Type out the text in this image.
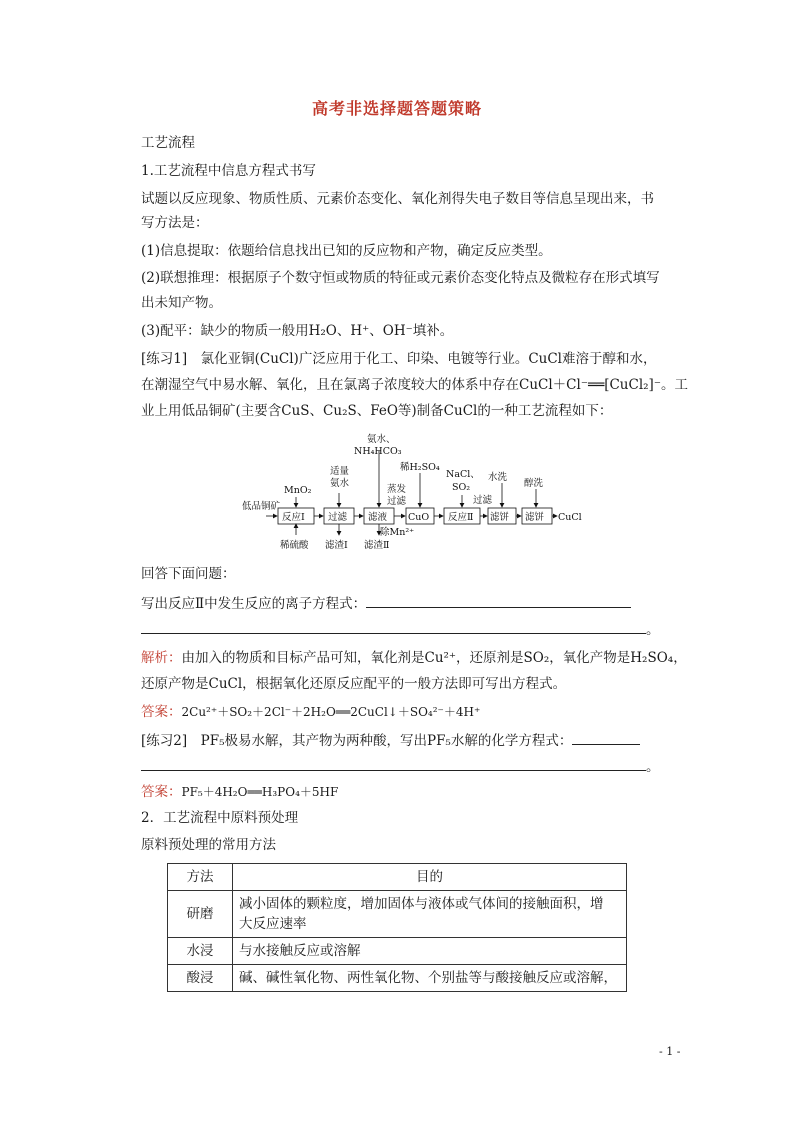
高考非选择题答题策略
工艺流程
1.工艺流程中信息方程式书写
试题以反应现象、物质性质、元素价态变化、氧化剂得失电子数目等信息呈现出来，书
写方法是：
(1)信息提取：依题给信息找出已知的反应物和产物，确定反应类型。
(2)联想推理：根据原子个数守恒或物质的特征或元素价态变化特点及微粒存在形式填写
出未知产物。
(3)配平：缺少的物质一般用H₂O、H⁺、OH⁻填补。
[练习1]　氯化亚铜(CuCl)广泛应用于化工、印染、电镀等行业。CuCl难溶于醇和水，
在潮湿空气中易水解、氧化，且在氯离子浓度较大的体系中存在CuCl＋Cl⁻══[CuCl₂]⁻。工
业上用低品铜矿(主要含CuS、Cu₂S、FeO等)制备CuCl的一种工艺流程如下：
低品铜矿
反应Ⅰ 过滤 滤液 CuO 反应Ⅱ 滤饼 滤饼 CuCl
MnO₂
适量
氨水
氨水、
NH₄HCO₃
蒸发
过滤
稀H₂SO₄
NaCl、
SO₂
过滤
水洗
醇洗
稀硫酸 滤渣Ⅰ 滤渣Ⅱ
除Mn²⁺
回答下面问题：
写出反应Ⅱ中发生反应的离子方程式：
。
解析：由加入的物质和目标产品可知，氧化剂是Cu²⁺，还原剂是SO₂，氧化产物是H₂SO₄，
还原产物是CuCl，根据氧化还原反应配平的一般方法即可写出方程式。
答案：2Cu²⁺＋SO₂＋2Cl⁻＋2H₂O══2CuCl↓＋SO₄²⁻＋4H⁺
[练习2]　PF₅极易水解，其产物为两种酸，写出PF₅水解的化学方程式：
。
答案：PF₅＋4H₂O══H₃PO₄＋5HF
2．工艺流程中原料预处理
原料预处理的常用方法
方法	目的
研磨	减小固体的颗粒度，增加固体与液体或气体间的接触面积，增
大反应速率

水浸	与水接触反应或溶解
酸浸	碱、碱性氧化物、两性氧化物、个别盐等与酸接触反应或溶解，
- 1 -
